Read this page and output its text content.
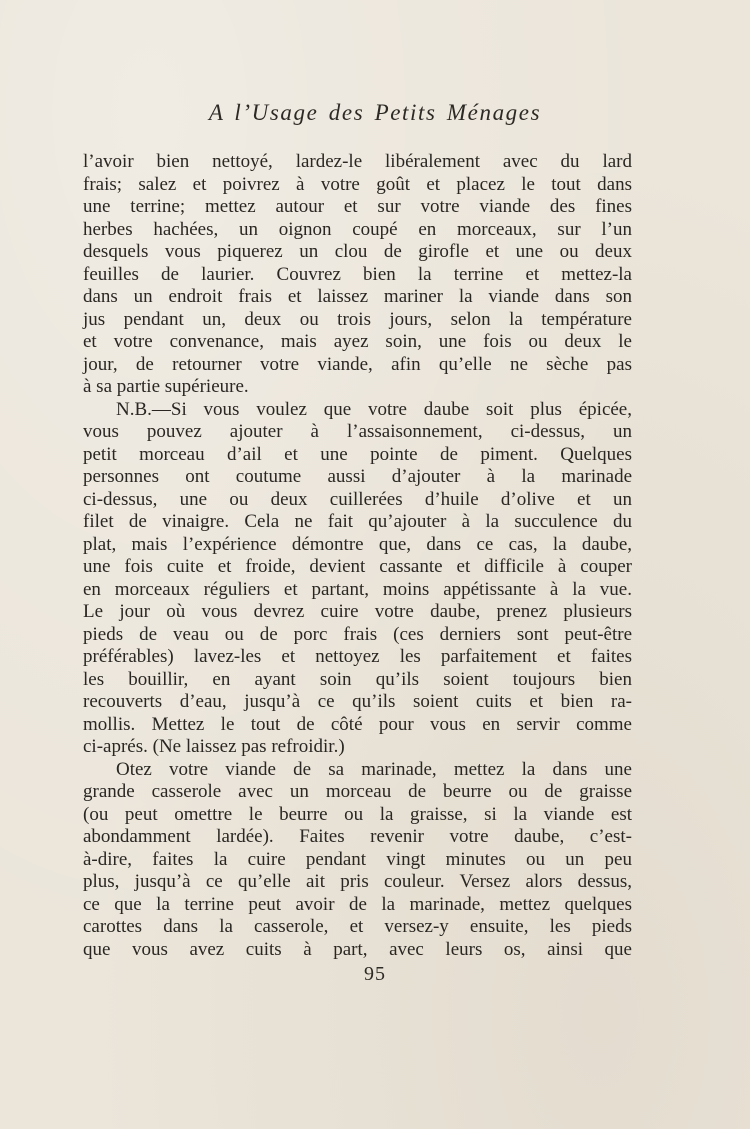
A l’Usage des Petits Ménages
l’avoir bien nettoyé, lardez-le libéralement avec du lard
frais; salez et poivrez à votre goût et placez le tout dans
une terrine; mettez autour et sur votre viande des fines
herbes hachées, un oignon coupé en morceaux, sur l’un
desquels vous piquerez un clou de girofle et une ou deux
feuilles de laurier. Couvrez bien la terrine et mettez-la
dans un endroit frais et laissez mariner la viande dans son
jus pendant un, deux ou trois jours, selon la température
et votre convenance, mais ayez soin, une fois ou deux le
jour, de retourner votre viande, afin qu’elle ne sèche pas
à sa partie supérieure.
N.B.—Si vous voulez que votre daube soit plus épicée,
vous pouvez ajouter à l’assaisonnement, ci-dessus, un
petit morceau d’ail et une pointe de piment. Quelques
personnes ont coutume aussi d’ajouter à la marinade
ci-dessus, une ou deux cuillerées d’huile d’olive et un
filet de vinaigre. Cela ne fait qu’ajouter à la succulence du
plat, mais l’expérience démontre que, dans ce cas, la daube,
une fois cuite et froide, devient cassante et difficile à couper
en morceaux réguliers et partant, moins appétissante à la vue.
Le jour où vous devrez cuire votre daube, prenez plusieurs
pieds de veau ou de porc frais (ces derniers sont peut-être
préférables) lavez-les et nettoyez les parfaitement et faites
les bouillir, en ayant soin qu’ils soient toujours bien
recouverts d’eau, jusqu’à ce qu’ils soient cuits et bien ra-
mollis. Mettez le tout de côté pour vous en servir comme
ci-aprés. (Ne laissez pas refroidir.)
Otez votre viande de sa marinade, mettez la dans une
grande casserole avec un morceau de beurre ou de graisse
(ou peut omettre le beurre ou la graisse, si la viande est
abondamment lardée). Faites revenir votre daube, c’est-
à-dire, faites la cuire pendant vingt minutes ou un peu
plus, jusqu’à ce qu’elle ait pris couleur. Versez alors dessus,
ce que la terrine peut avoir de la marinade, mettez quelques
carottes dans la casserole, et versez-y ensuite, les pieds
que vous avez cuits à part, avec leurs os, ainsi que
95
